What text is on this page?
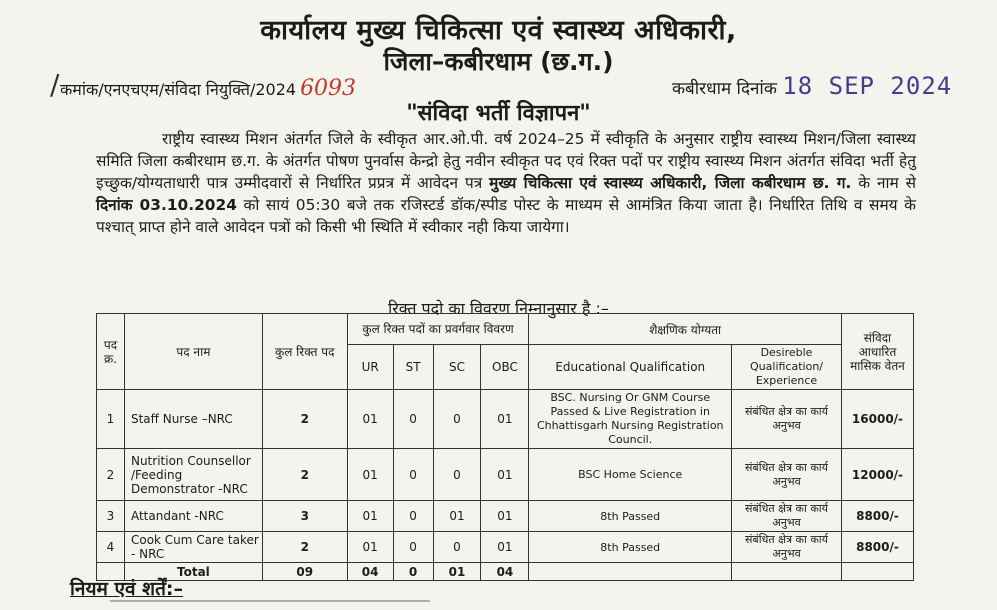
कार्यालय मुख्य चिकित्सा एवं स्वास्थ्य अधिकारी,
जिला–कबीरधाम (छ.ग.)
/ कमांक/एनएचएम/संविदा नियुक्ति/2024 6093	कबीरधाम दिनांक 18 SEP 2024
"संविदा भर्ती विज्ञापन"

राष्ट्रीय स्वास्थ्य मिशन अंतर्गत जिले के स्वीकृत आर.ओ.पी. वर्ष 2024–25 में स्वीकृति के अनुसार राष्ट्रीय स्वास्थ्य मिशन/जिला स्वास्थ्य समिति जिला कबीरधाम छ.ग. के अंतर्गत पोषण पुनर्वास केन्द्रो हेतु नवीन स्वीकृत पद एवं रिक्त पदों पर राष्ट्रीय स्वास्थ्य मिशन अंतर्गत संविदा भर्ती हेतु इच्छुक/योग्यताधारी पात्र उम्मीदवारों से निर्धारित प्रप्रत्र में आवेदन पत्र मुख्य चिकित्सा एवं स्वास्थ्य अधिकारी, जिला कबीरधाम छ. ग. के नाम से दिनांक 03.10.2024 को सायं 05:30 बजे तक रजिस्टर्ड डॉक/स्पीड पोस्ट के माध्यम से आमंत्रित किया जाता है। निर्धारित तिथि व समय के पश्चात् प्राप्त होने वाले आवेदन पत्रों को किसी भी स्थिति में स्वीकार नही किया जायेगा।

रिक्त पदो का विवरण निम्नानुसार है :–
पद क्र.	पद नाम	कुल रिक्त पद	कुल रिक्त पदों का प्रवर्गवार विवरण				शैक्षणिक योग्यता		संविदा आधारित मासिक वेतन
			UR	ST	SC	OBC	Educational Qualification	Desireble Qualification/ Experience	
1	Staff Nurse –NRC	2	01	0	0	01	BSC. Nursing Or GNM Course Passed & Live Registration in Chhattisgarh Nursing Registration Council.	संबंधित क्षेत्र का कार्य अनुभव	16000/-
2	Nutrition Counsellor /Feeding Demonstrator -NRC	2	01	0	0	01	BSC Home Science	संबंधित क्षेत्र का कार्य अनुभव	12000/-
3	Attandant -NRC	3	01	0	01	01	8th Passed	संबंधित क्षेत्र का कार्य अनुभव	8800/-
4	Cook Cum Care taker - NRC	2	01	0	0	01	8th Passed	संबंधित क्षेत्र का कार्य अनुभव	8800/-
	Total	09	04	0	01	04			
नियम एवं शर्तें:–
